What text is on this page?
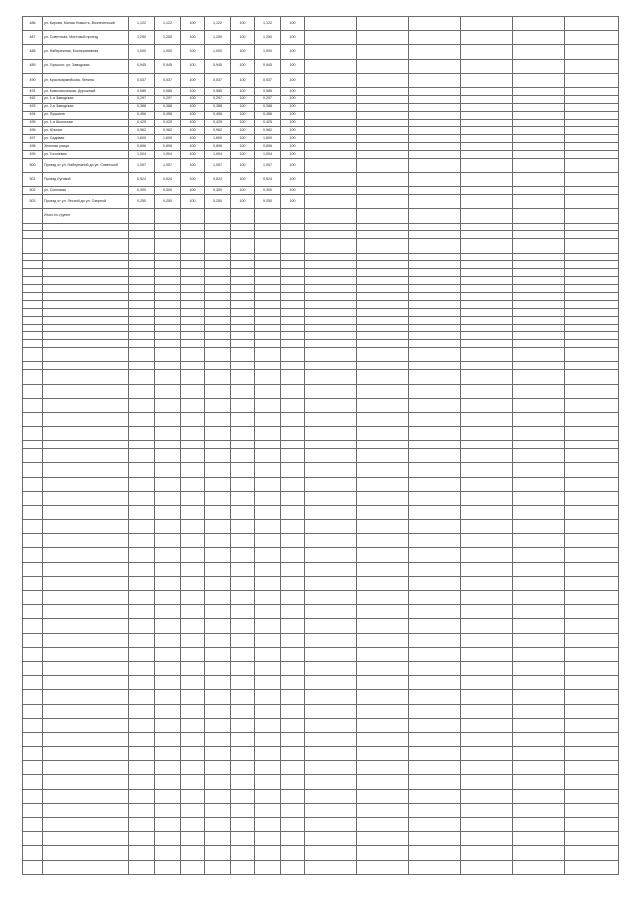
486	ул. Кирова, Малая Новость, Вознесенский	1,122	1,122	100	1,122	100	1,122	100						
487	ул. Советская, Мостовой проезд	1,250	1,250	100	1,250	100	1,250	100						
488	ул. Набережная, Кооперативная	1,000	1,000	100	1,000	100	1,000	100						
489	ул. Горького, ул. Заводская	0,945	0,945	100	0,945	100	0,945	100						
490	ул. Красноармейская, Ленина	0,537	0,537	100	0,537	100	0,537	100						
491	ул. Комсомольская, Дорожный	0,585	0,585	100	0,585	100	0,585	100						
492	ул. 1-я Заводская	0,297	0,297	100	0,297	100	0,297	100						
493	ул. 2-я Заводская	0,388	0,388	100	0,388	100	0,388	100						
494	ул. Пушкина	0,456	0,456	100	0,456	100	0,456	100						
495	ул. 1-я Школьная	0,425	0,425	100	0,425	100	0,425	100						
496	ул. Южная	0,962	0,962	100	0,962	100	0,962	100						
497	ул. Садовая	1,600	1,600	100	1,600	100	1,600	100						
498	Зеленая улица	0,896	0,896	100	0,896	100	0,896	100						
499	ул. Гоголевая	1,004	1,004	100	1,004	100	1,004	100						
500	Проезд от ул. Набережной до ул. Советской	1,057	1,057	100	1,057	100	1,057	100						
501	Проезд Луговой	0,524	0,524	100	0,524	100	0,524	100						
502	ул. Сосновая	0,300	0,300	100	0,300	100	0,300	100						
503	Проезд от ул. Лесной до ул. Озерной	0,250	0,250	100	0,250	100	0,250	100						
	Итого по группе													
